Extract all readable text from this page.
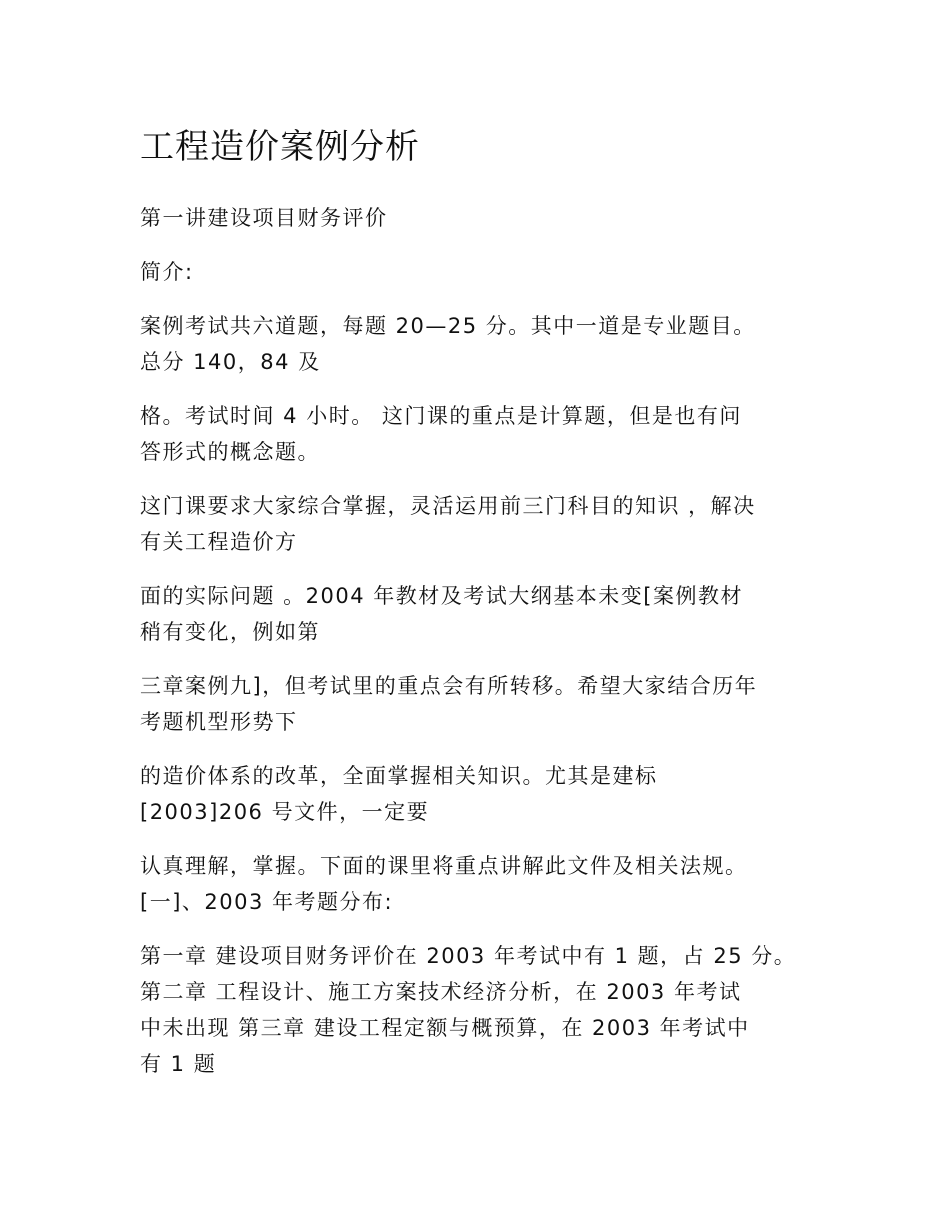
工程造价案例分析
第一讲建设项目财务评价
简介:
案例考试共六道题，每题 20—25 分。其中一道是专业题目。
总分 140，84 及
格。考试时间 4 小时。 这门课的重点是计算题，但是也有问
答形式的概念题。
这门课要求大家综合掌握，灵活运用前三门科目的知识 ，解决
有关工程造价方
面的实际问题 。2004 年教材及考试大纲基本未变[案例教材
稍有变化，例如第
三章案例九]，但考试里的重点会有所转移。希望大家结合历年
考题机型形势下
的造价体系的改革，全面掌握相关知识。尤其是建标
[2003]206 号文件，一定要
认真理解，掌握。下面的课里将重点讲解此文件及相关法规。
[一]、2003 年考题分布:
第一章 建设项目财务评价在 2003 年考试中有 1 题，占 25 分。
第二章 工程设计、施工方案技术经济分析，在 2003 年考试
中未出现 第三章 建设工程定额与概预算，在 2003 年考试中
有 1 题
